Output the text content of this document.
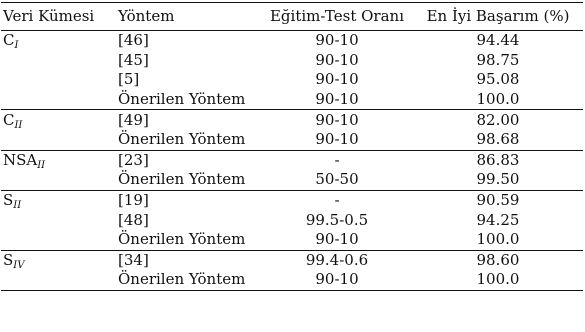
Veri Kümesi	Yöntem	Eğitim-Test Oranı	En İyi Başarım (%)
$C_I$	[46]	90-10	94.44
	[45]	90-10	98.75
	[5]	90-10	95.08
	Önerilen Yöntem	90-10	100.0
$C_{II}$	[49]	90-10	82.00
	Önerilen Yöntem	90-10	98.68
$NSA_{II}$	[23]	-	86.83
	Önerilen Yöntem	50-50	99.50
$S_{II}$	[19]	-	90.59
	[48]	99.5-0.5	94.25
	Önerilen Yöntem	90-10	100.0
$S_{IV}$	[34]	99.4-0.6	98.60
	Önerilen Yöntem	90-10	100.0
